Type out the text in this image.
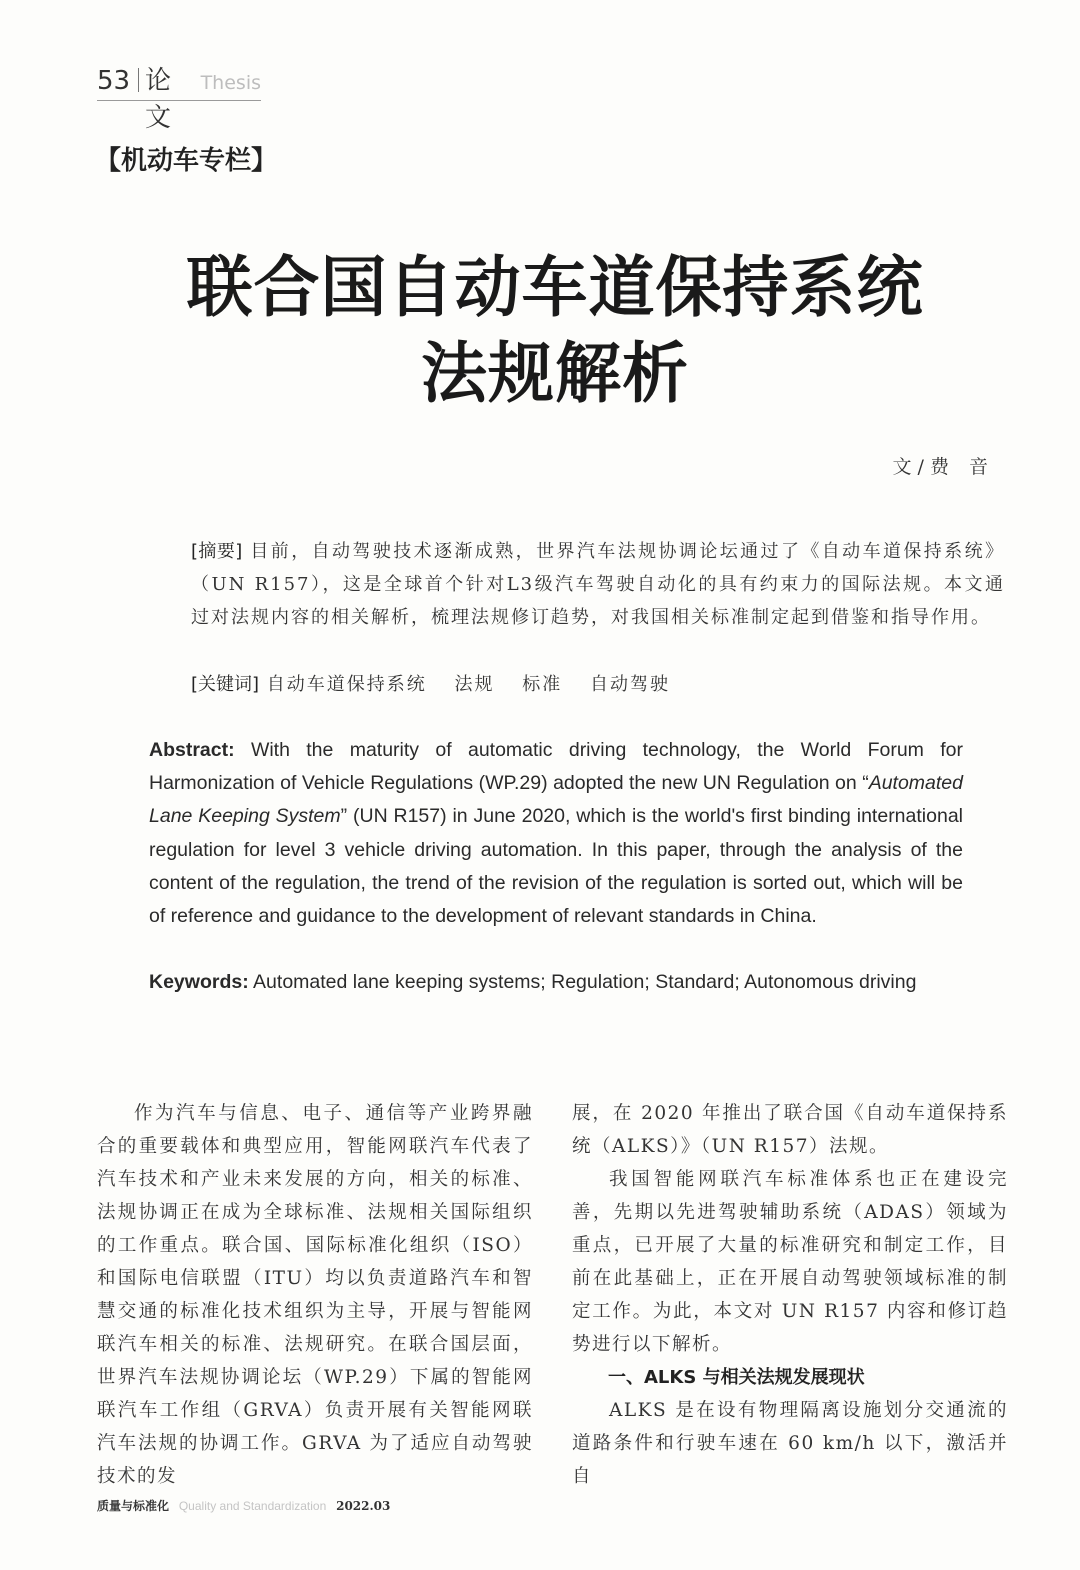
53 论文
Thesis
【机动车专栏】
联合国自动车道保持系统
法规解析
文 / 费音
[摘要] 目前，自动驾驶技术逐渐成熟，世界汽车法规协调论坛通过了《自动车道保持系统》（UN R157），这是全球首个针对L3级汽车驾驶自动化的具有约束力的国际法规。本文通过对法规内容的相关解析，梳理法规修订趋势，对我国相关标准制定起到借鉴和指导作用。
[关键词] 自动车道保持系统 法规 标准 自动驾驶
Abstract: With the maturity of automatic driving technology, the World Forum for Harmonization of Vehicle Regulations (WP.29) adopted the new UN Regulation on “Automated Lane Keeping System” (UN R157) in June 2020, which is the world's first binding international regulation for level 3 vehicle driving automation. In this paper, through the analysis of the content of the regulation, the trend of the revision of the regulation is sorted out, which will be of reference and guidance to the development of relevant standards in China.
Keywords: Automated lane keeping systems; Regulation; Standard; Autonomous driving

作为汽车与信息、电子、通信等产业跨界融合的重要载体和典型应用，智能网联汽车代表了汽车技术和产业未来发展的方向，相关的标准、法规协调正在成为全球标准、法规相关国际组织的工作重点。联合国、国际标准化组织（ISO）和国际电信联盟（ITU）均以负责道路汽车和智慧交通的标准化技术组织为主导，开展与智能网联汽车相关的标准、法规研究。在联合国层面，世界汽车法规协调论坛（WP.29）下属的智能网联汽车工作组（GRVA）负责开展有关智能网联汽车法规的协调工作。GRVA 为了适应自动驾驶技术的发

展，在 2020 年推出了联合国《自动车道保持系统（ALKS）》（UN R157）法规。

我国智能网联汽车标准体系也正在建设完善，先期以先进驾驶辅助系统（ADAS）领域为重点，已开展了大量的标准研究和制定工作，目前在此基础上，正在开展自动驾驶领域标准的制定工作。为此，本文对 UN R157 内容和修订趋势进行以下解析。

一、ALKS 与相关法规发展现状

ALKS 是在设有物理隔离设施划分交通流的道路条件和行驶车速在 60 km/h 以下，激活并自

质量与标准化 Quality and Standardization 2022.03
